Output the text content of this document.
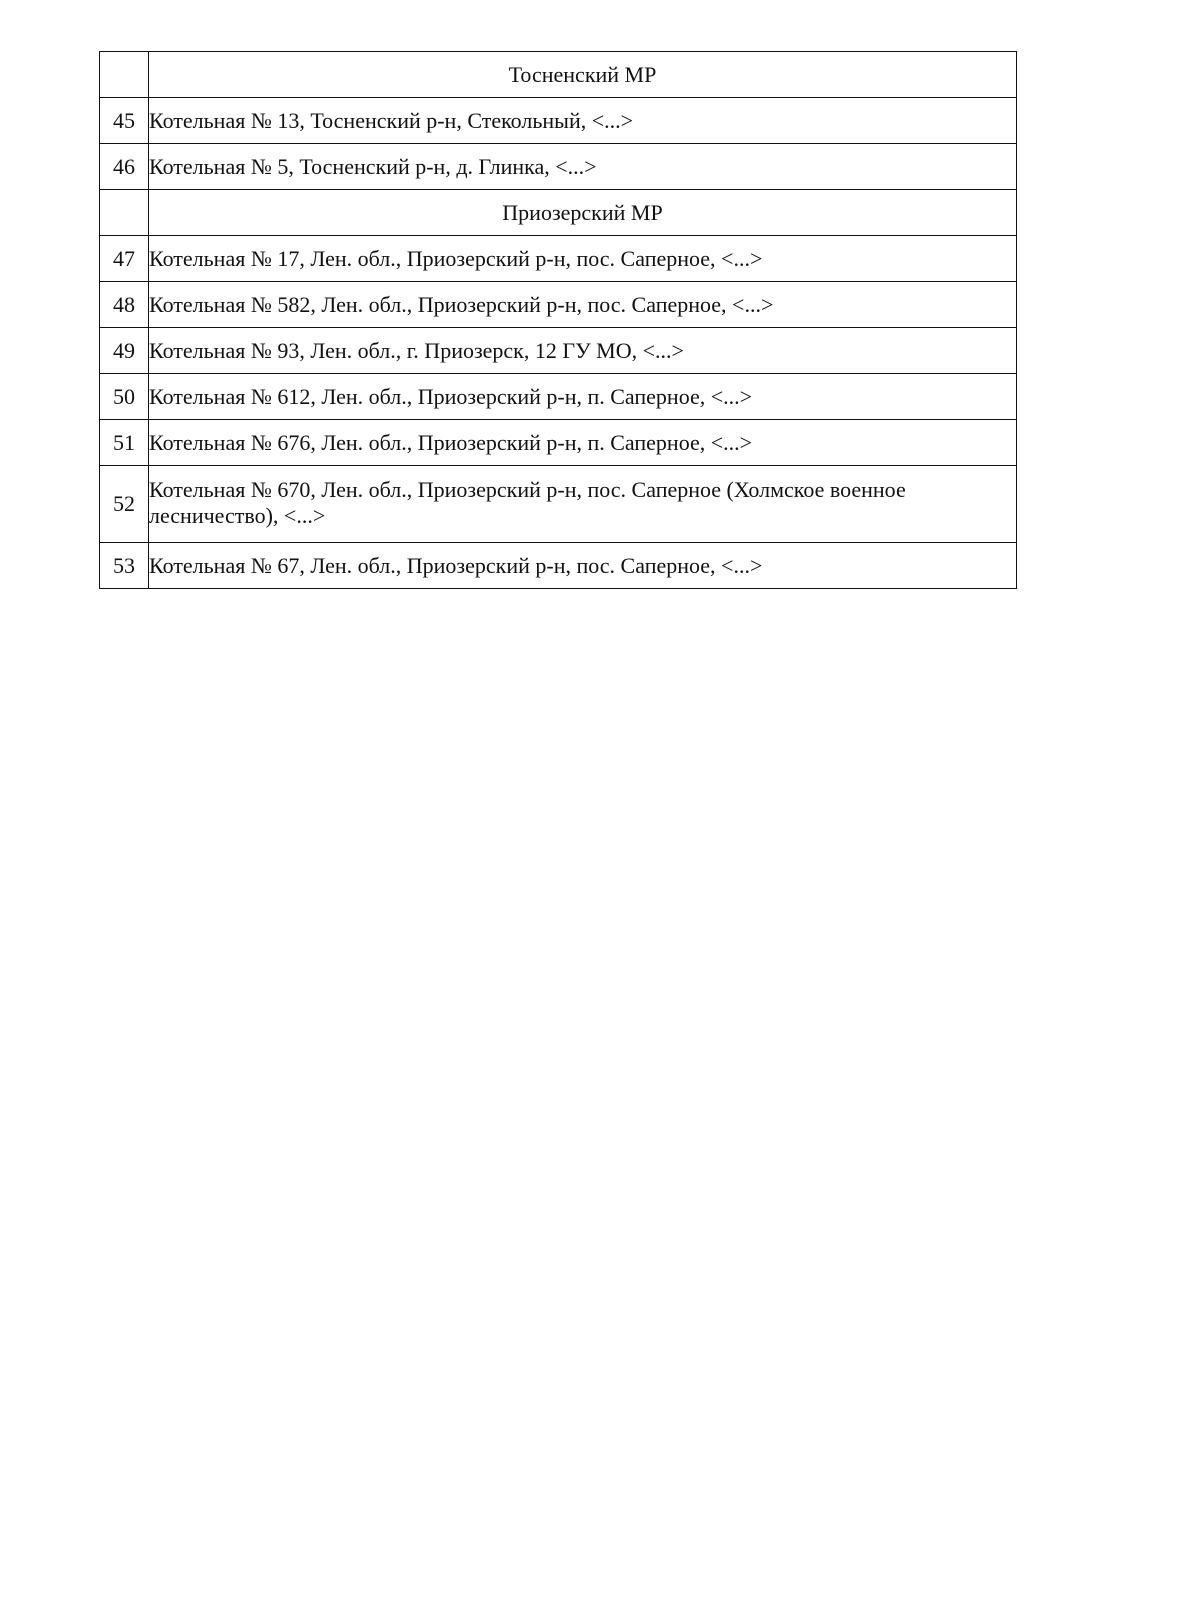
	Тосненский МР
45	Котельная № 13, Тосненский р-н, Стекольный, <...>
46	Котельная № 5, Тосненский р-н, д. Глинка, <...>
	Приозерский МР
47	Котельная № 17, Лен. обл., Приозерский р-н, пос. Саперное, <...>
48	Котельная № 582, Лен. обл., Приозерский р-н, пос. Саперное, <...>
49	Котельная № 93, Лен. обл., г. Приозерск, 12 ГУ МО, <...>
50	Котельная № 612, Лен. обл., Приозерский р-н, п. Саперное, <...>
51	Котельная № 676, Лен. обл., Приозерский р-н, п. Саперное, <...>
52	Котельная № 670, Лен. обл., Приозерский р-н, пос. Саперное (Холмское военное лесничество), <...>
53	Котельная № 67, Лен. обл., Приозерский р-н, пос. Саперное, <...>
